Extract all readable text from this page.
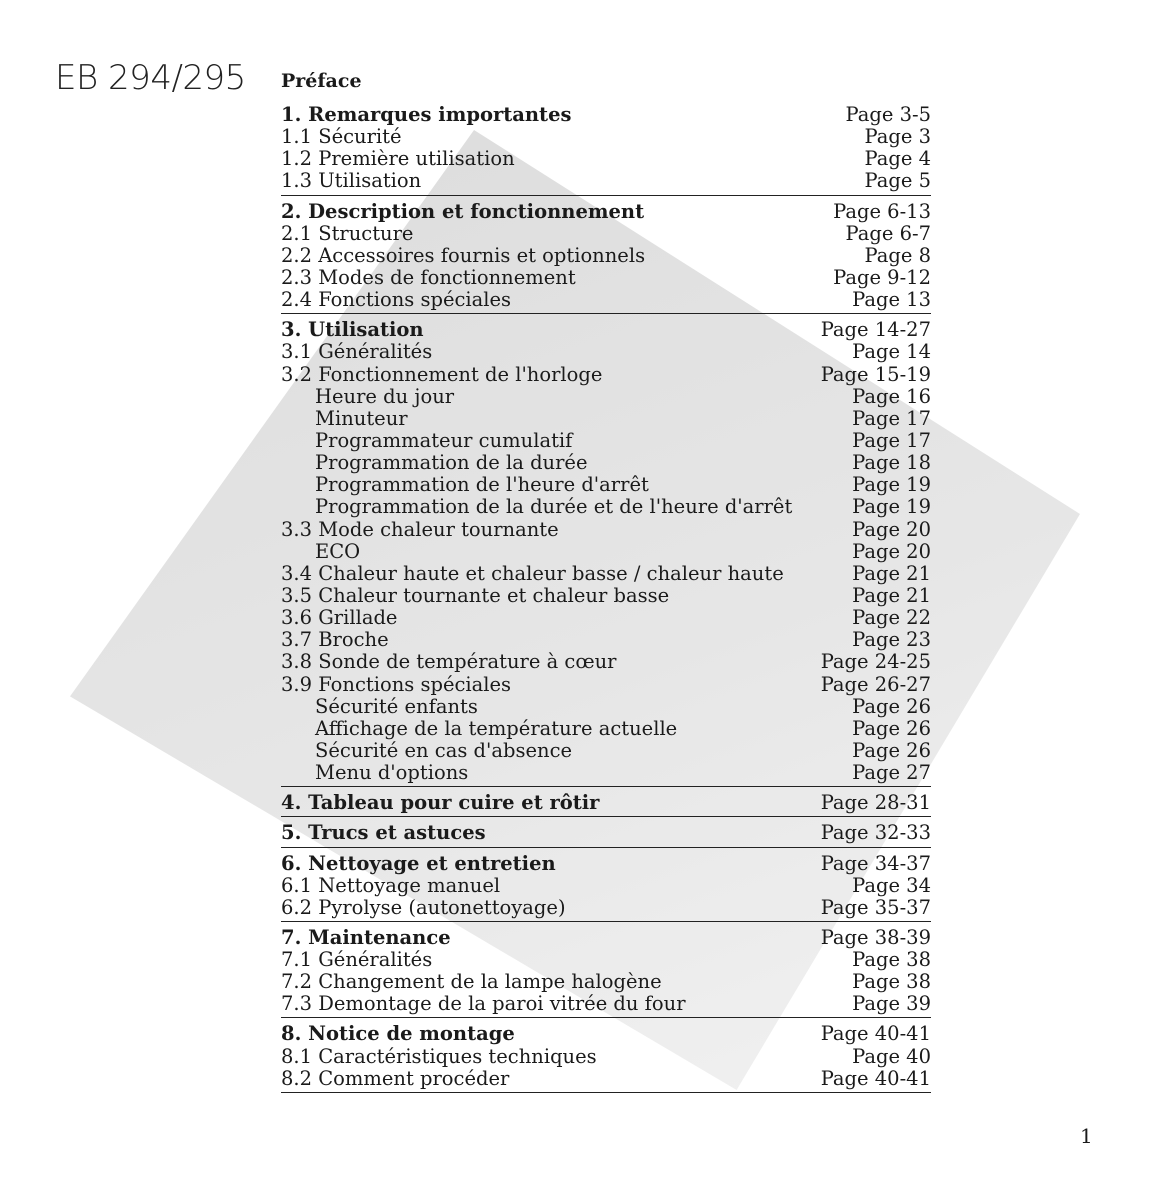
EB 294/295 Préface
1. Remarques importantes	Page 3-5
1.1 Sécurité	Page 3
1.2 Première utilisation	Page 4
1.3 Utilisation	Page 5
2. Description et fonctionnement	Page 6-13
2.1 Structure	Page 6-7
2.2 Accessoires fournis et optionnels	Page 8
2.3 Modes de fonctionnement	Page 9-12
2.4 Fonctions spéciales	Page 13
3. Utilisation	Page 14-27
3.1 Généralités	Page 14
3.2 Fonctionnement de l'horloge	Page 15-19
Heure du jour	Page 16
Minuteur	Page 17
Programmateur cumulatif	Page 17
Programmation de la durée	Page 18
Programmation de l'heure d'arrêt	Page 19
Programmation de la durée et de l'heure d'arrêt	Page 19
3.3 Mode chaleur tournante	Page 20
ECO	Page 20
3.4 Chaleur haute et chaleur basse / chaleur haute	Page 21
3.5 Chaleur tournante et chaleur basse	Page 21
3.6 Grillade	Page 22
3.7 Broche	Page 23
3.8 Sonde de température à cœur	Page 24-25
3.9 Fonctions spéciales	Page 26-27
Sécurité enfants	Page 26
Affichage de la température actuelle	Page 26
Sécurité en cas d'absence	Page 26
Menu d'options	Page 27
4. Tableau pour cuire et rôtir	Page 28-31
5. Trucs et astuces	Page 32-33
6. Nettoyage et entretien	Page 34-37
6.1 Nettoyage manuel	Page 34
6.2 Pyrolyse (autonettoyage)	Page 35-37
7. Maintenance	Page 38-39
7.1 Généralités	Page 38
7.2 Changement de la lampe halogène	Page 38
7.3 Demontage de la paroi vitrée du four	Page 39
8. Notice de montage	Page 40-41
8.1 Caractéristiques techniques	Page 40
8.2 Comment procéder	Page 40-41
1
